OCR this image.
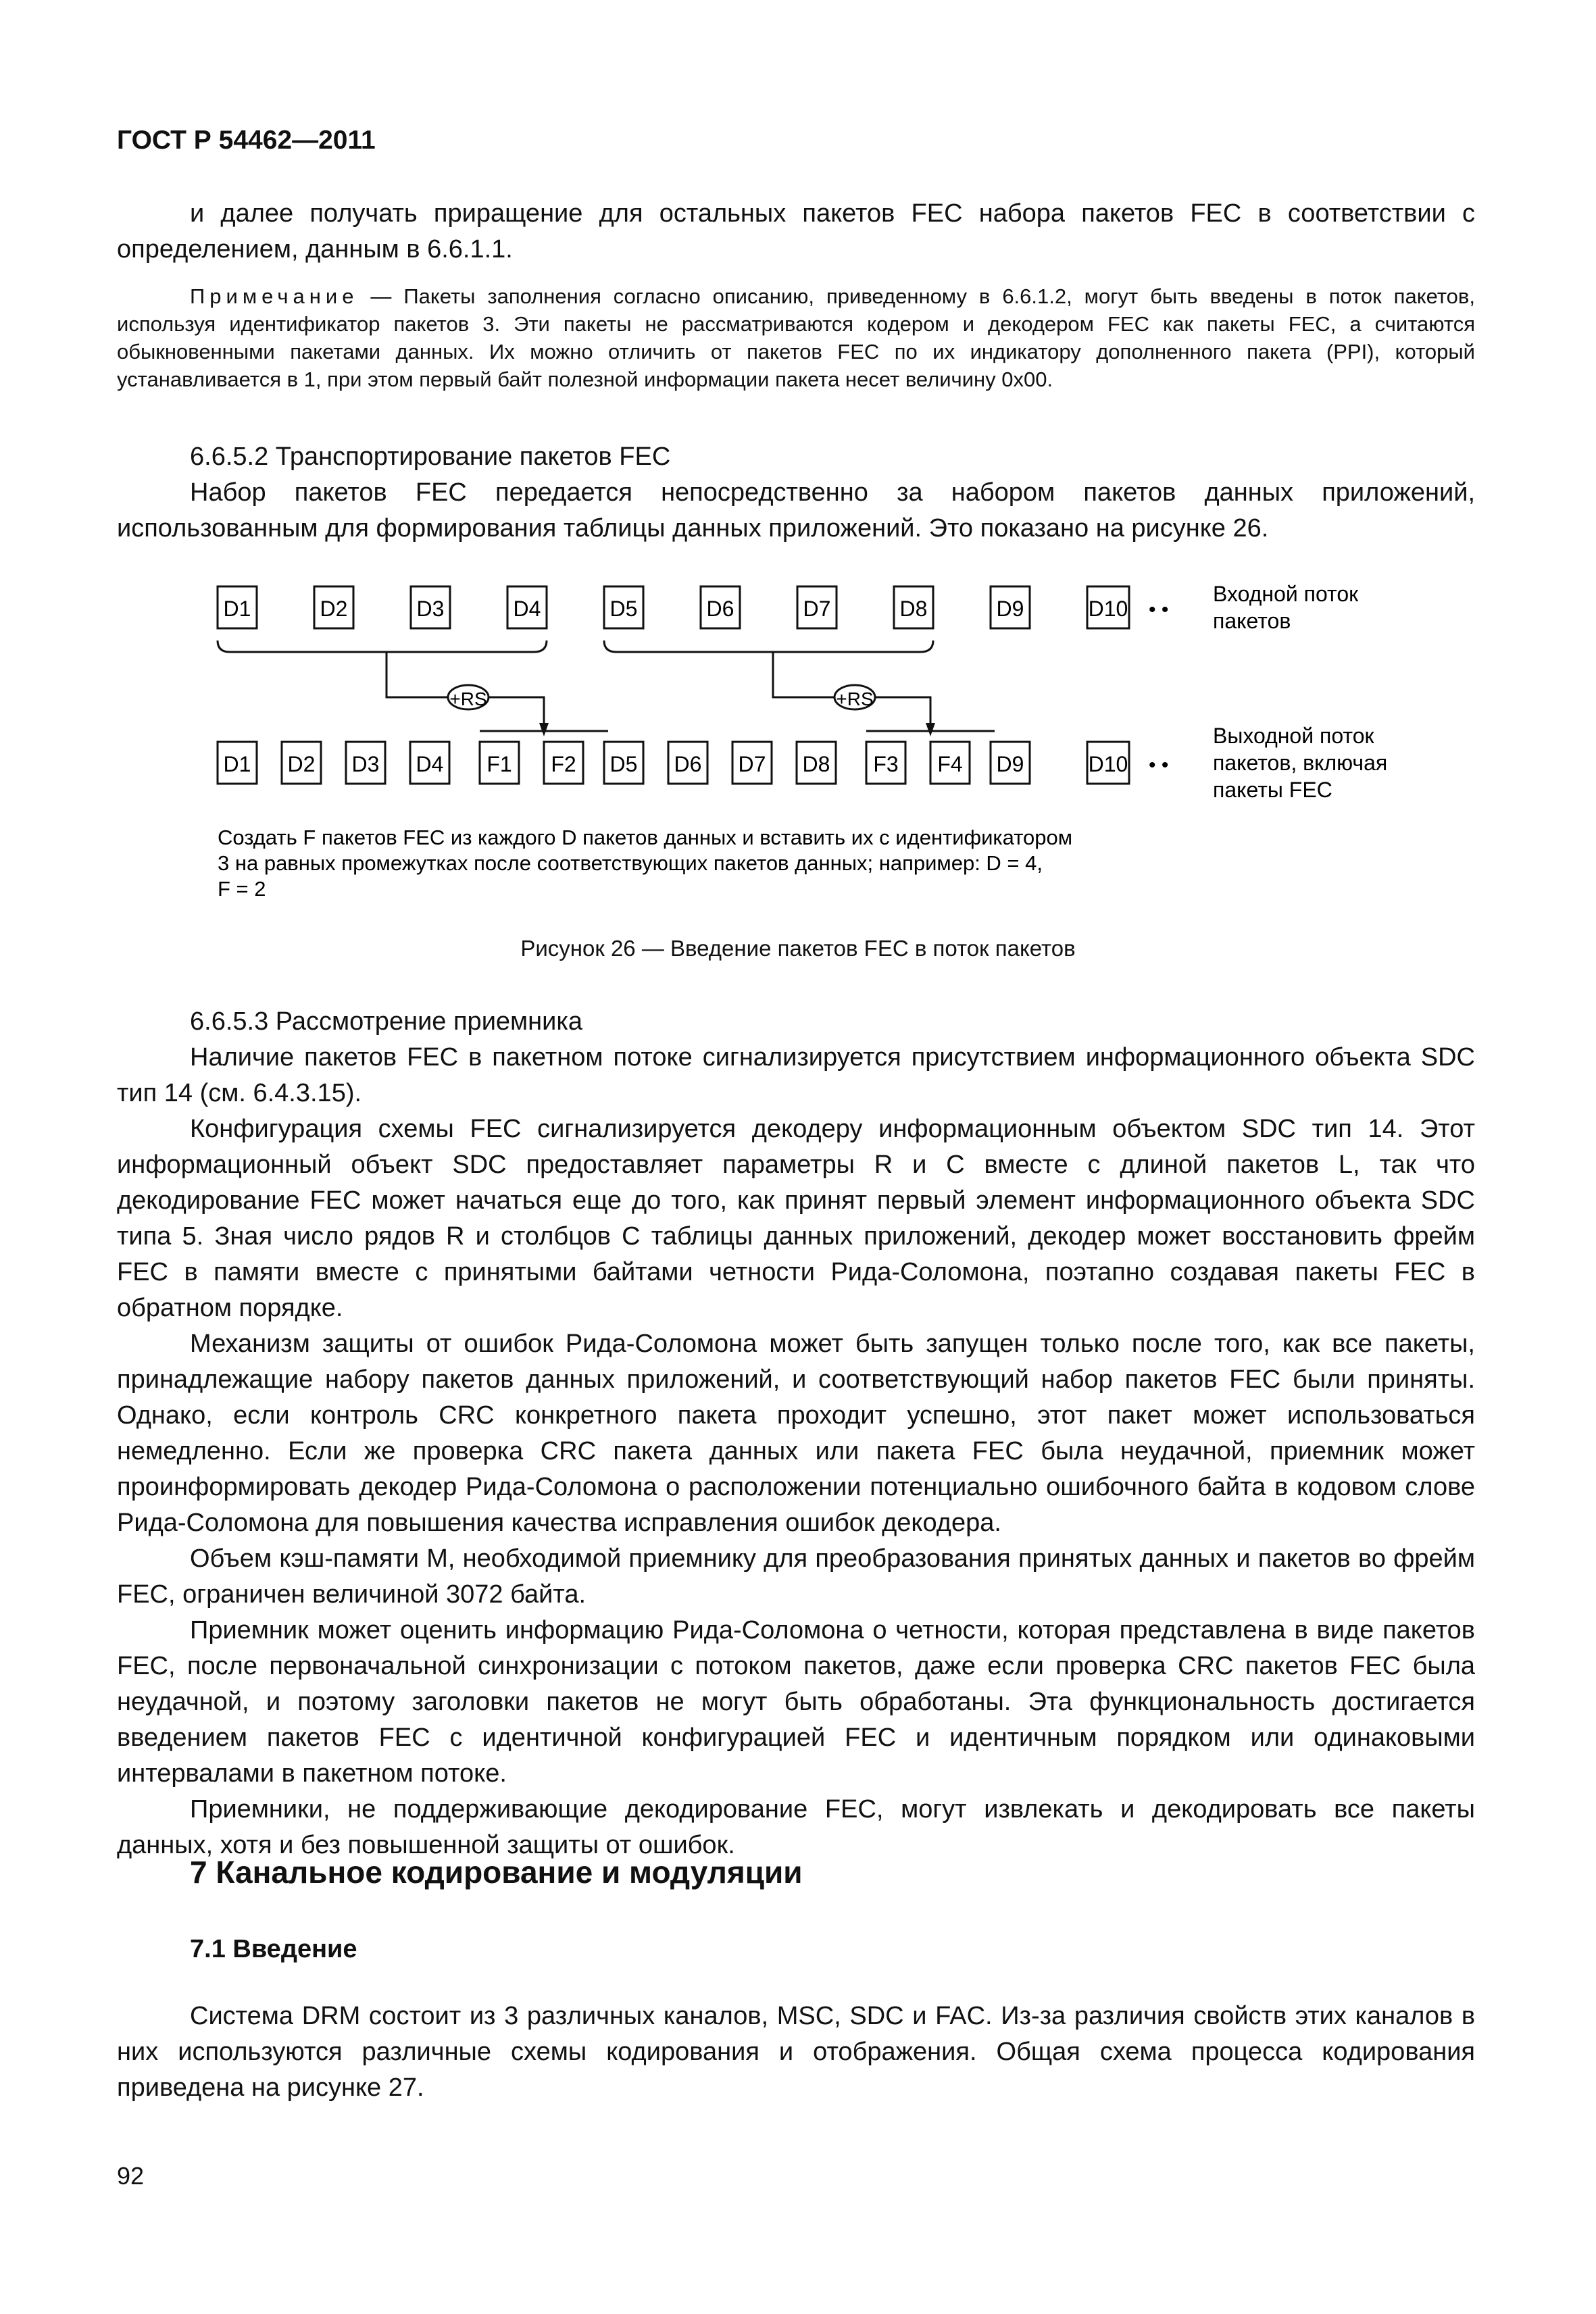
ГОСТ Р 54462—2011

и далее получать приращение для остальных пакетов FEC набора пакетов FEC в соответствии с определением, данным в 6.6.1.1.

Примечание — Пакеты заполнения согласно описанию, приведенному в 6.6.1.2, могут быть введены в поток пакетов, используя идентификатор пакетов 3. Эти пакеты не рассматриваются кодером и декодером FEC как пакеты FEC, а считаются обыкновенными пакетами данных. Их можно отличить от пакетов FEC по их индикатору дополненного пакета (PPI), который устанавливается в 1, при этом первый байт полезной информации пакета несет величину 0х00.

6.6.5.2 Транспортирование пакетов FEC

Набор пакетов FEC передается непосредственно за набором пакетов данных приложений, использованным для формирования таблицы данных приложений. Это показано на рисунке 26.

D1	D2	D3	D4	D5	D6	D7	D8	D9	D10 • •
+RS	+RS
D1 D2 D3 D4 F1 F2 D5 D6 D7 D8 F3 F4 D9	D10 • •
Входной поток
пакетов
Выходной поток
пакетов, включая
пакеты FEC
Создать F пакетов FEC из каждого D пакетов данных и вставить их с идентификатором
3 на равных промежутках после соответствующих пакетов данных; например: D = 4,
F = 2
Рисунок 26 — Введение пакетов FEC в поток пакетов

6.6.5.3 Рассмотрение приемника

Наличие пакетов FEC в пакетном потоке сигнализируется присутствием информационного объекта SDC тип 14 (см. 6.4.3.15).

Конфигурация схемы FEC сигнализируется декодеру информационным объектом SDC тип 14. Этот информационный объект SDC предоставляет параметры R и C вместе с длиной пакетов L, так что декодирование FEC может начаться еще до того, как принят первый элемент информационного объекта SDC типа 5. Зная число рядов R и столбцов C таблицы данных приложений, декодер может восстановить фрейм FEC в памяти вместе с принятыми байтами четности Рида-Соломона, поэтапно создавая пакеты FEC в обратном порядке.

Механизм защиты от ошибок Рида-Соломона может быть запущен только после того, как все пакеты, принадлежащие набору пакетов данных приложений, и соответствующий набор пакетов FEC были приняты. Однако, если контроль CRC конкретного пакета проходит успешно, этот пакет может использоваться немедленно. Если же проверка CRC пакета данных или пакета FEC была неудачной, приемник может проинформировать декодер Рида-Соломона о расположении потенциально ошибочного байта в кодовом слове Рида-Соломона для повышения качества исправления ошибок декодера.

Объем кэш-памяти M, необходимой приемнику для преобразования принятых данных и пакетов во фрейм FEC, ограничен величиной 3072 байта.

Приемник может оценить информацию Рида-Соломона о четности, которая представлена в виде пакетов FEC, после первоначальной синхронизации с потоком пакетов, даже если проверка CRC пакетов FEC была неудачной, и поэтому заголовки пакетов не могут быть обработаны. Эта функциональность достигается введением пакетов FEC с идентичной конфигурацией FEC и идентичным порядком или одинаковыми интервалами в пакетном потоке.

Приемники, не поддерживающие декодирование FEC, могут извлекать и декодировать все пакеты данных, хотя и без повышенной защиты от ошибок.

7 Канальное кодирование и модуляции
7.1 Введение

Система DRM состоит из 3 различных каналов, MSC, SDC и FAC. Из-за различия свойств этих каналов в них используются различные схемы кодирования и отображения. Общая схема процесса кодирования приведена на рисунке 27.

92
